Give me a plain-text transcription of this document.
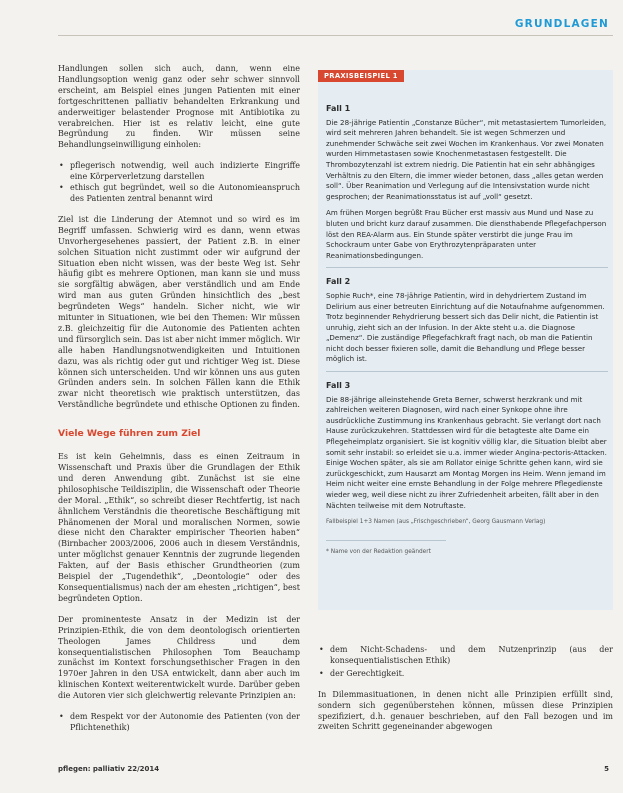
GRUNDLAGEN

Handlungen sollen sich auch, dann, wenn eine Handlungsoption wenig ganz oder sehr schwer sinnvoll erscheint, am Beispiel eines jungen Patienten mit einer fortgeschrittenen palliativ behandelten Erkrankung und anderweitiger belastender Prognose mit Antibiotika zu verabreichen. Hier ist es relativ leicht, eine gute Begründung zu finden. Wir müssen seine Behandlungseinwilligung einholen:

• pflegerisch notwendig, weil auch indizierte Eingriffe eine Körperverletzung darstellen
• ethisch gut begründet, weil so die Autonomieanspruch des Patienten zentral benannt wird

Ziel ist die Linderung der Atemnot und so wird es im Begriff umfassen. Schwierig wird es dann, wenn etwas Unvorhergesehenes passiert, der Patient z.B. in einer solchen Situation nicht zustimmt oder wir aufgrund der Situation eben nicht wissen, was der beste Weg ist. Sehr häufig gibt es mehrere Optionen, man kann sie und muss sie sorgfältig abwägen, aber verständlich und am Ende wird man aus guten Gründen hinsichtlich des „best begründeten Wegs“ handeln. Sicher nicht, wie wir mitunter in Situationen, wie bei den Themen: Wir müssen z.B. gleichzeitig für die Autonomie des Patienten achten und fürsorglich sein. Das ist aber nicht immer möglich. Wir alle haben Handlungsnotwendigkeiten und Intuitionen dazu, was als richtig oder gut und richtiger Weg ist. Diese können sich unterscheiden. Und wir können uns aus guten Gründen anders sein. In solchen Fällen kann die Ethik zwar nicht theoretisch wie praktisch unterstützen, das Verständliche begründete und ethische Optionen zu finden.

Viele Wege führen zum Ziel

Es ist kein Geheimnis, dass es einen Zeitraum in Wissenschaft und Praxis über die Grundlagen der Ethik und deren Anwendung gibt. Zunächst ist sie eine philosophische Teildisziplin, die Wissenschaft oder Theorie der Moral. „Ethik“, so schreibt dieser Rechtfertig, ist nach ähnlichem Verständnis die theoretische Beschäftigung mit Phänomenen der Moral und moralischen Normen, sowie diese nicht den Charakter empirischer Theorien haben“ (Birnbacher 2003/2006, 2006 auch in diesem Verständnis, unter möglichst genauer Kenntnis der zugrunde liegenden Fakten, auf der Basis ethischer Grundtheorien (zum Beispiel der „Tugendethik“, „Deontologie“ oder des Konsequentialismus) nach der am ehesten „richtigen“, best begründeten Option.

Der prominenteste Ansatz in der Medizin ist der Prinzipien-Ethik, die von dem deontologisch orientierten Theologen James Childress und dem konsequentialistischen Philosophen Tom Beauchamp zunächst im Kontext forschungsethischer Fragen in den 1970er Jahren in den USA entwickelt, dann aber auch im klinischen Kontext weiterentwickelt wurde. Darüber geben die Autoren vier sich gleichwertig relevante Prinzipien an:

• dem Respekt vor der Autonomie des Patienten (von der Pflichtenethik)
PRAXISBEISPIEL 1
Fall 1

Die 28-jährige Patientin „Constanze Bücher“, mit metastasiertem Tumorleiden, wird seit mehreren Jahren behandelt. Sie ist wegen Schmerzen und zunehmender Schwäche seit zwei Wochen im Krankenhaus. Vor zwei Monaten wurden Hirnmetastasen sowie Knochenmetastasen festgestellt. Die Thrombozytenzahl ist extrem niedrig. Die Patientin hat ein sehr abhängiges Verhältnis zu den Eltern, die immer wieder betonen, dass „alles getan werden soll“. Über Reanimation und Verlegung auf die Intensivstation wurde nicht gesprochen; der Reanimationsstatus ist auf „voll“ gesetzt.

Am frühen Morgen begrüßt Frau Bücher erst massiv aus Mund und Nase zu bluten und bricht kurz darauf zusammen. Die diensthabende Pflegefachperson löst den REA-Alarm aus. Ein Stunde später verstirbt die junge Frau im Schockraum unter Gabe von Erythrozytenpräparaten unter Reanimationsbedingungen.

Fall 2

Sophie Ruch*, eine 78-jährige Patientin, wird in dehydriertem Zustand im Delirium aus einer betreuten Einrichtung auf die Notaufnahme aufgenommen. Trotz beginnender Rehydrierung bessert sich das Delir nicht, die Patientin ist unruhig, zieht sich an der Infusion. In der Akte steht u.a. die Diagnose „Demenz“. Die zuständige Pflegefachkraft fragt nach, ob man die Patientin nicht doch besser fixieren solle, damit die Behandlung und Pflege besser möglich ist.

Fall 3

Die 88-jährige alleinstehende Greta Berner, schwerst herzkrank und mit zahlreichen weiteren Diagnosen, wird nach einer Synkope ohne ihre ausdrückliche Zustimmung ins Krankenhaus gebracht. Sie verlangt dort nach Hause zurückzukehren. Stattdessen wird für die betagteste alte Dame ein Pflegeheimplatz organisiert. Sie ist kognitiv völlig klar, die Situation bleibt aber somit sehr instabil: so erleidet sie u.a. immer wieder Angina-pectoris-Attacken. Einige Wochen später, als sie am Rollator einige Schritte gehen kann, wird sie zurückgeschickt, zum Hausarzt am Montag Morgen ins Heim. Wenn jemand im Heim nicht weiter eine ernste Behandlung in der Folge mehrere Pflegedienste wieder weg, weil diese nicht zu ihrer Zufriedenheit arbeiten, fällt aber in den Nächten teilweise mit dem Notruftaste.

Fallbeispiel 1+3 Namen (aus „Frischgeschrieben“, Georg Gausmann Verlag)
* Name von der Redaktion geändert
• dem Nicht-Schadens- und dem Nutzenprinzip (aus der konsequentialistischen Ethik)
• der Gerechtigkeit.

In Dilemmasituationen, in denen nicht alle Prinzipien erfüllt sind, sondern sich gegenüberstehen können, müssen diese Prinzipien spezifiziert, d.h. genauer beschrieben, auf den Fall bezogen und im zweiten Schritt gegeneinander abgewogen

pflegen: palliativ 22/2014	5
